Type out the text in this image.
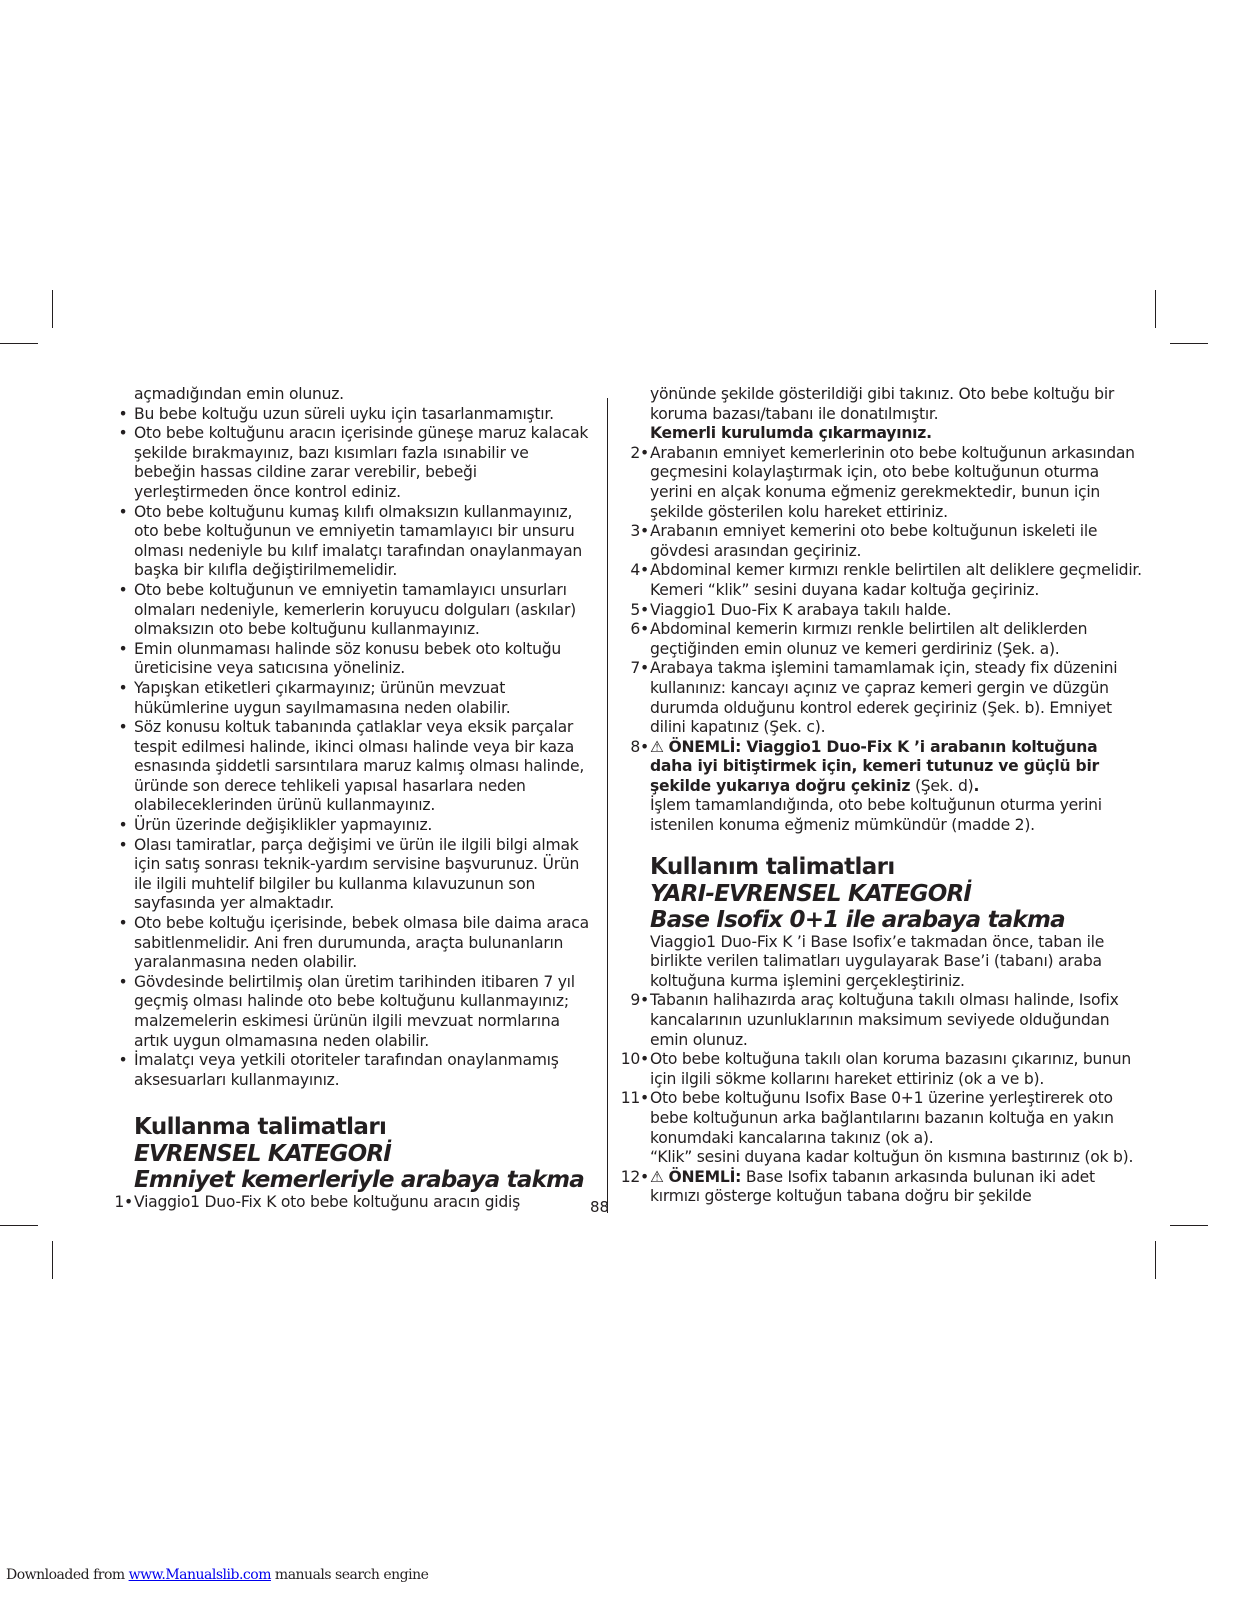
açmadığından emin olunuz.
• Bu bebe koltuğu uzun süreli uyku için tasarlanmamıştır.
• Oto bebe koltuğunu aracın içerisinde güneşe maruz kalacak şekilde bırakmayınız, bazı kısımları fazla ısınabilir ve bebeğin hassas cildine zarar verebilir, bebeği yerleştirmeden önce kontrol ediniz.
• Oto bebe koltuğunu kumaş kılıfı olmaksızın kullanmayınız, oto bebe koltuğunun ve emniyetin tamamlayıcı bir unsuru olması nedeniyle bu kılıf imalatçı tarafından onaylanmayan başka bir kılıfla değiştirilmemelidir.
• Oto bebe koltuğunun ve emniyetin tamamlayıcı unsurları olmaları nedeniyle, kemerlerin koruyucu dolguları (askılar) olmaksızın oto bebe koltuğunu kullanmayınız.
• Emin olunmaması halinde söz konusu bebek oto koltuğu üreticisine veya satıcısına yöneliniz.
• Yapışkan etiketleri çıkarmayınız; ürünün mevzuat hükümlerine uygun sayılmamasına neden olabilir.
• Söz konusu koltuk tabanında çatlaklar veya eksik parçalar tespit edilmesi halinde, ikinci olması halinde veya bir kaza esnasında şiddetli sarsıntılara maruz kalmış olması halinde, üründe son derece tehlikeli yapısal hasarlara neden olabileceklerinden ürünü kullanmayınız.
• Ürün üzerinde değişiklikler yapmayınız.
• Olası tamiratlar, parça değişimi ve ürün ile ilgili bilgi almak için satış sonrası teknik-yardım servisine başvurunuz. Ürün ile ilgili muhtelif bilgiler bu kullanma kılavuzunun son sayfasında yer almaktadır.
• Oto bebe koltuğu içerisinde, bebek olmasa bile daima araca sabitlenmelidir. Ani fren durumunda, araçta bulunanların yaralanmasına neden olabilir.
• Gövdesinde belirtilmiş olan üretim tarihinden itibaren 7 yıl geçmiş olması halinde oto bebe koltuğunu kullanmayınız; malzemelerin eskimesi ürünün ilgili mevzuat normlarına artık uygun olmamasına neden olabilir.
• İmalatçı veya yetkili otoriteler tarafından onaylanmamış aksesuarları kullanmayınız.
Kullanma talimatları
EVRENSEL KATEGORİ
Emniyet kemerleriyle arabaya takma
1• Viaggio1 Duo-Fix K oto bebe koltuğunu aracın gidiş
yönünde şekilde gösterildiği gibi takınız. Oto bebe koltuğu bir koruma bazası/tabanı ile donatılmıştır.
Kemerli kurulumda çıkarmayınız.
2• Arabanın emniyet kemerlerinin oto bebe koltuğunun arkasından geçmesini kolaylaştırmak için, oto bebe koltuğunun oturma yerini en alçak konuma eğmeniz gerekmektedir, bunun için şekilde gösterilen kolu hareket ettiriniz.
3• Arabanın emniyet kemerini oto bebe koltuğunun iskeleti ile gövdesi arasından geçiriniz.
4• Abdominal kemer kırmızı renkle belirtilen alt deliklere geçmelidir. Kemeri “klik” sesini duyana kadar koltuğa geçiriniz.
5• Viaggio1 Duo-Fix K arabaya takılı halde.
6• Abdominal kemerin kırmızı renkle belirtilen alt deliklerden geçtiğinden emin olunuz ve kemeri gerdiriniz (Şek. a).
7• Arabaya takma işlemini tamamlamak için, steady fix düzenini kullanınız: kancayı açınız ve çapraz kemeri gergin ve düzgün durumda olduğunu kontrol ederek geçiriniz (Şek. b). Emniyet dilini kapatınız (Şek. c).
8• ⚠ ÖNEMLİ: Viaggio1 Duo-Fix K ’i arabanın koltuğuna daha iyi bitiştirmek için, kemeri tutunuz ve güçlü bir şekilde yukarıya doğru çekiniz (Şek. d).
İşlem tamamlandığında, oto bebe koltuğunun oturma yerini istenilen konuma eğmeniz mümkündür (madde 2).
Kullanım talimatları
YARI-EVRENSEL KATEGORİ
Base Isofix 0+1 ile arabaya takma
Viaggio1 Duo-Fix K ’i Base Isofix’e takmadan önce, taban ile birlikte verilen talimatları uygulayarak Base’i (tabanı) araba koltuğuna kurma işlemini gerçekleştiriniz.
9• Tabanın halihazırda araç koltuğuna takılı olması halinde, Isofix kancalarının uzunluklarının maksimum seviyede olduğundan emin olunuz.
10• Oto bebe koltuğuna takılı olan koruma bazasını çıkarınız, bunun için ilgili sökme kollarını hareket ettiriniz (ok a ve b).
11• Oto bebe koltuğunu Isofix Base 0+1 üzerine yerleştirerek oto bebe koltuğunun arka bağlantılarını bazanın koltuğa en yakın konumdaki kancalarına takınız (ok a).
“Klik” sesini duyana kadar koltuğun ön kısmına bastırınız (ok b).
12• ⚠ ÖNEMLİ: Base Isofix tabanın arkasında bulunan iki adet kırmızı gösterge koltuğun tabana doğru bir şekilde
88
Downloaded from www.Manualslib.com manuals search engine
